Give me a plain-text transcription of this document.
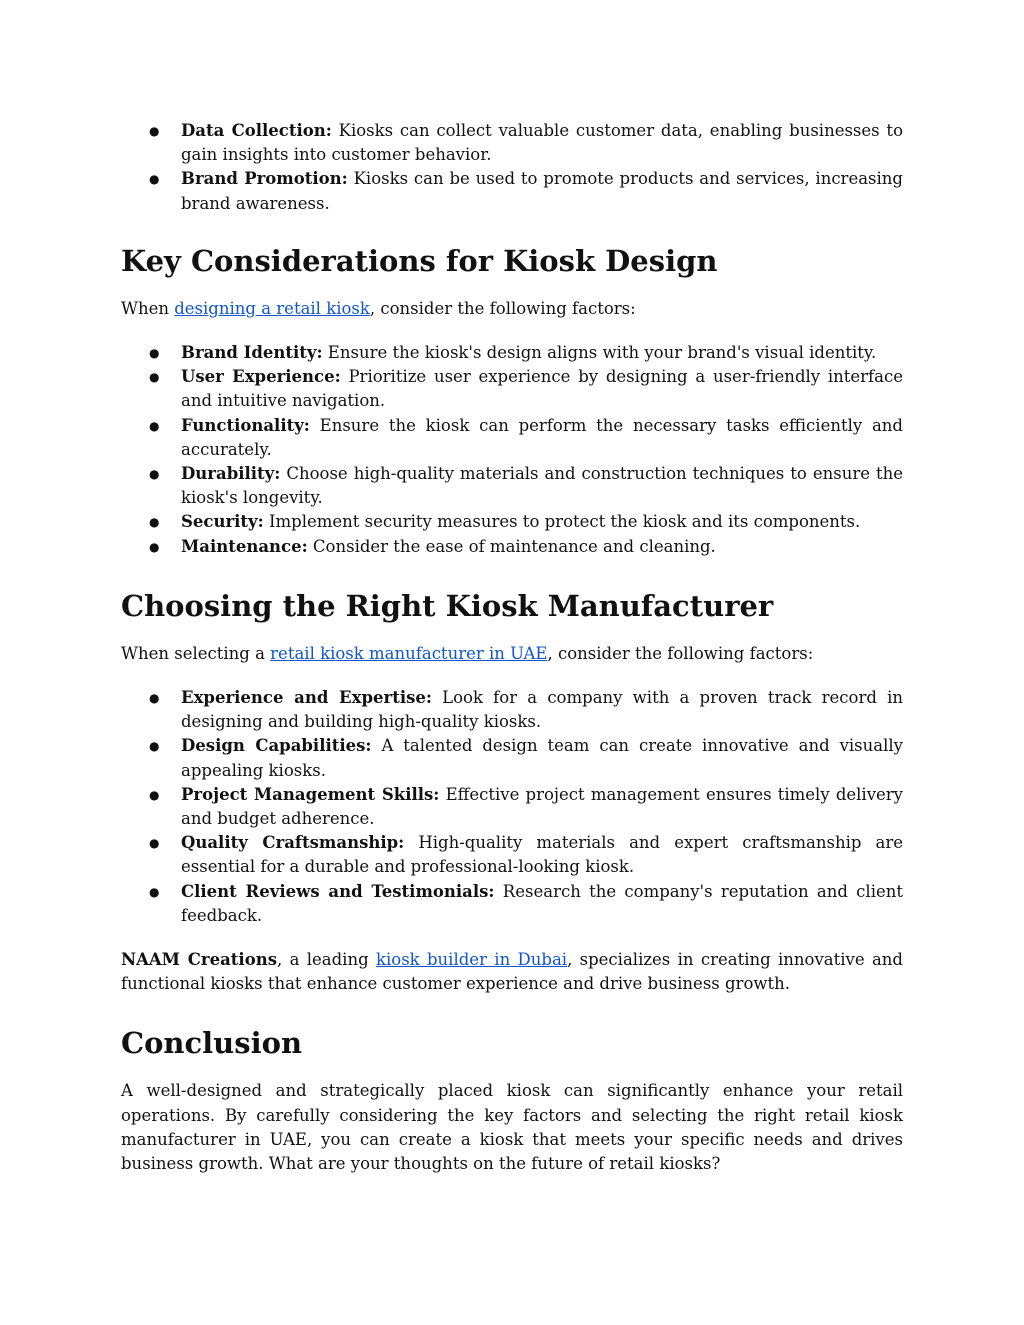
● Data Collection: Kiosks can collect valuable customer data, enabling businesses to gain insights into customer behavior.
● Brand Promotion: Kiosks can be used to promote products and services, increasing brand awareness.
Key Considerations for Kiosk Design

When designing a retail kiosk, consider the following factors:

● Brand Identity: Ensure the kiosk's design aligns with your brand's visual identity.
● User Experience: Prioritize user experience by designing a user-friendly interface and intuitive navigation.
● Functionality: Ensure the kiosk can perform the necessary tasks efficiently and accurately.
● Durability: Choose high-quality materials and construction techniques to ensure the kiosk's longevity.
● Security: Implement security measures to protect the kiosk and its components.
● Maintenance: Consider the ease of maintenance and cleaning.
Choosing the Right Kiosk Manufacturer

When selecting a retail kiosk manufacturer in UAE, consider the following factors:

● Experience and Expertise: Look for a company with a proven track record in designing and building high-quality kiosks.
● Design Capabilities: A talented design team can create innovative and visually appealing kiosks.
● Project Management Skills: Effective project management ensures timely delivery and budget adherence.
● Quality Craftsmanship: High-quality materials and expert craftsmanship are essential for a durable and professional-looking kiosk.
● Client Reviews and Testimonials: Research the company's reputation and client feedback.

NAAM Creations, a leading kiosk builder in Dubai, specializes in creating innovative and functional kiosks that enhance customer experience and drive business growth.

Conclusion

A well-designed and strategically placed kiosk can significantly enhance your retail operations. By carefully considering the key factors and selecting the right retail kiosk manufacturer in UAE, you can create a kiosk that meets your specific needs and drives business growth. What are your thoughts on the future of retail kiosks?
